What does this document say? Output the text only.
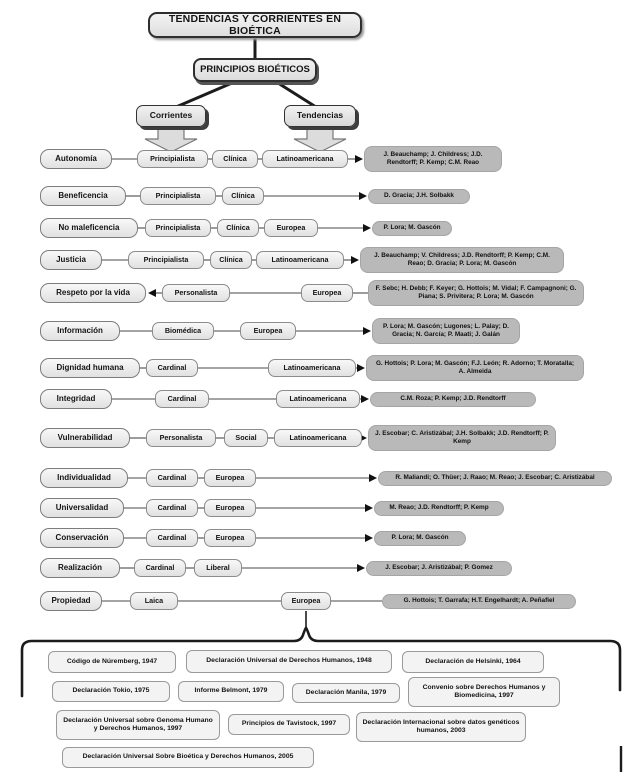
TENDENCIAS Y CORRIENTES EN BIOÉTICA
PRINCIPIOS BIOÉTICOS
Corrientes	Tendencias
Autonomía	Principialista	Clínica	Latinoamericana	J. Beauchamp; J. Childress; J.D. Rendtorff; P. Kemp; C.M. Reao
Beneficencia	Principialista	Clínica	D. Gracia; J.H. Solbakk
No maleficencia	Principialista	Clínica	Europea	P. Lora; M. Gascón
Justicia	Principialista	Clínica	Latinoamericana	J. Beauchamp; V. Childress; J.D. Rendtorff; P. Kemp; C.M. Reao; D. Gracia; P. Lora; M. Gascón
Respeto por la vida	Personalista	Europea	F. Sebc; H. Debb; F. Keyer; G. Hottois; M. Vidal; F. Campagnoni; G. Piana; S. Privitera; P. Lora; M. Gascón
Información	Biomédica	Europea	P. Lora; M. Gascón; Lugones; L. Palay; D. Gracia; N. García; P. Maati; J. Galán
Dignidad humana	Cardinal	Latinoamericana	G. Hottois; P. Lora; M. Gascón; F.J. León; R. Adorno; T. Moratalla; A. Almeida
Integridad	Cardinal	Latinoamericana	C.M. Roza; P. Kemp; J.D. Rendtorff
Vulnerabilidad	Personalista	Social	Latinoamericana	J. Escobar; C. Aristizábal; J.H. Solbakk; J.D. Rendtorff; P. Kemp
Individualidad	Cardinal	Europea	R. Maliandi; O. Thüer; J. Raao; M. Reao; J. Escobar; C. Aristizábal
Universalidad	Cardinal	Europea	M. Reao; J.D. Rendtorff; P. Kemp
Conservación	Cardinal	Europea	P. Lora; M. Gascón
Realización	Cardinal	Liberal	J. Escobar; J. Aristizábal; P. Gomez
Propiedad	Laica	Europea	G. Hottois; T. Garrafa; H.T. Engelhardt; A. Peñafiel
Código de Núremberg, 1947	Declaración Universal de Derechos Humanos, 1948	Declaración de Helsinki, 1964
Declaración Tokio, 1975	Informe Belmont, 1979	Declaración Manila, 1979
Convenio sobre Derechos Humanos y Biomedicina, 1997
Declaración Universal sobre Genoma Humano y Derechos Humanos, 1997
Principios de Tavistock, 1997	Declaración Internacional sobre datos genéticos humanos, 2003
Declaración Universal Sobre Bioética y Derechos Humanos, 2005
